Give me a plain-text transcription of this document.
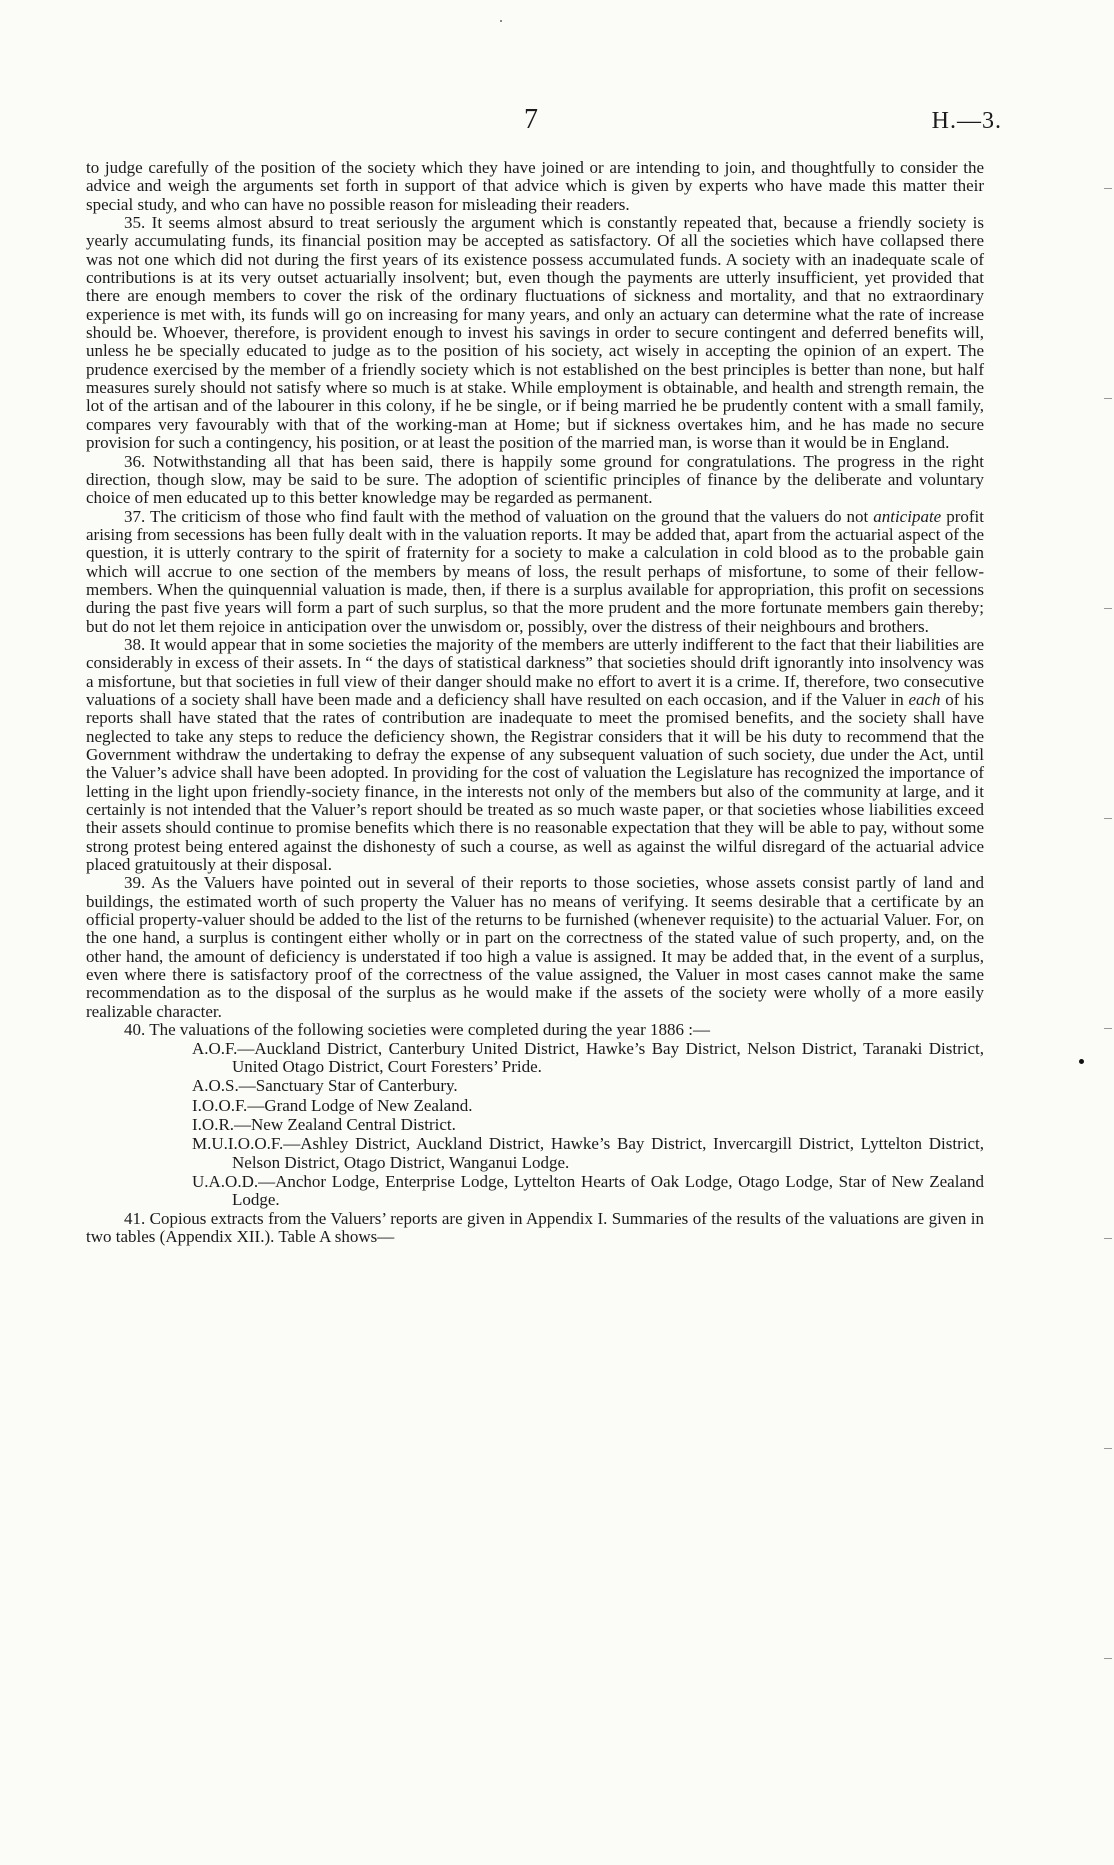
7	H.—3.

to judge carefully of the position of the society which they have joined or are intending to join, and thoughtfully to consider the advice and weigh the arguments set forth in support of that advice which is given by experts who have made this matter their special study, and who can have no possible reason for misleading their readers.

35. It seems almost absurd to treat seriously the argument which is constantly repeated that, because a friendly society is yearly accumulating funds, its financial position may be accepted as satisfactory. Of all the societies which have collapsed there was not one which did not during the first years of its existence possess accumulated funds. A society with an inadequate scale of contributions is at its very outset actuarially insolvent; but, even though the payments are utterly insufficient, yet provided that there are enough members to cover the risk of the ordinary fluctuations of sickness and mortality, and that no extraordinary experience is met with, its funds will go on increasing for many years, and only an actuary can determine what the rate of increase should be. Whoever, therefore, is provident enough to invest his savings in order to secure contingent and deferred benefits will, unless he be specially educated to judge as to the position of his society, act wisely in accepting the opinion of an expert. The prudence exercised by the member of a friendly society which is not established on the best principles is better than none, but half measures surely should not satisfy where so much is at stake. While employment is obtainable, and health and strength remain, the lot of the artisan and of the labourer in this colony, if he be single, or if being married he be prudently content with a small family, compares very favourably with that of the working-man at Home; but if sickness overtakes him, and he has made no secure provision for such a contingency, his position, or at least the position of the married man, is worse than it would be in England.

36. Notwithstanding all that has been said, there is happily some ground for congratulations. The progress in the right direction, though slow, may be said to be sure. The adoption of scientific principles of finance by the deliberate and voluntary choice of men educated up to this better knowledge may be regarded as permanent.

37. The criticism of those who find fault with the method of valuation on the ground that the valuers do not anticipate profit arising from secessions has been fully dealt with in the valuation reports. It may be added that, apart from the actuarial aspect of the question, it is utterly contrary to the spirit of fraternity for a society to make a calculation in cold blood as to the probable gain which will accrue to one section of the members by means of loss, the result perhaps of misfortune, to some of their fellow-members. When the quinquennial valuation is made, then, if there is a surplus available for appropriation, this profit on secessions during the past five years will form a part of such surplus, so that the more prudent and the more fortunate members gain thereby; but do not let them rejoice in anticipation over the unwisdom or, possibly, over the distress of their neighbours and brothers.

38. It would appear that in some societies the majority of the members are utterly indifferent to the fact that their liabilities are considerably in excess of their assets. In “ the days of statistical darkness” that societies should drift ignorantly into insolvency was a misfortune, but that societies in full view of their danger should make no effort to avert it is a crime. If, therefore, two consecutive valuations of a society shall have been made and a deficiency shall have resulted on each occasion, and if the Valuer in each of his reports shall have stated that the rates of contribution are inadequate to meet the promised benefits, and the society shall have neglected to take any steps to reduce the deficiency shown, the Registrar considers that it will be his duty to recommend that the Government withdraw the undertaking to defray the expense of any subsequent valuation of such society, due under the Act, until the Valuer’s advice shall have been adopted. In providing for the cost of valuation the Legislature has recognized the importance of letting in the light upon friendly-society finance, in the interests not only of the members but also of the community at large, and it certainly is not intended that the Valuer’s report should be treated as so much waste paper, or that societies whose liabilities exceed their assets should continue to promise benefits which there is no reasonable expectation that they will be able to pay, without some strong protest being entered against the dishonesty of such a course, as well as against the wilful disregard of the actuarial advice placed gratuitously at their disposal.

39. As the Valuers have pointed out in several of their reports to those societies, whose assets consist partly of land and buildings, the estimated worth of such property the Valuer has no means of verifying. It seems desirable that a certificate by an official property-valuer should be added to the list of the returns to be furnished (whenever requisite) to the actuarial Valuer. For, on the one hand, a surplus is contingent either wholly or in part on the correctness of the stated value of such property, and, on the other hand, the amount of deficiency is understated if too high a value is assigned. It may be added that, in the event of a surplus, even where there is satisfactory proof of the correctness of the value assigned, the Valuer in most cases cannot make the same recommendation as to the disposal of the surplus as he would make if the assets of the society were wholly of a more easily realizable character.

40. The valuations of the following societies were completed during the year 1886 :—

A.O.F.—Auckland District, Canterbury United District, Hawke’s Bay District, Nelson District, Taranaki District, United Otago District, Court Foresters’ Pride.

A.O.S.—Sanctuary Star of Canterbury.

I.O.O.F.—Grand Lodge of New Zealand.

I.O.R.—New Zealand Central District.

M.U.I.O.O.F.—Ashley District, Auckland District, Hawke’s Bay District, Invercargill District, Lyttelton District, Nelson District, Otago District, Wanganui Lodge.

U.A.O.D.—Anchor Lodge, Enterprise Lodge, Lyttelton Hearts of Oak Lodge, Otago Lodge, Star of New Zealand Lodge.

41. Copious extracts from the Valuers’ reports are given in Appendix I. Summaries of the results of the valuations are given in two tables (Appendix XII.). Table A shows—
